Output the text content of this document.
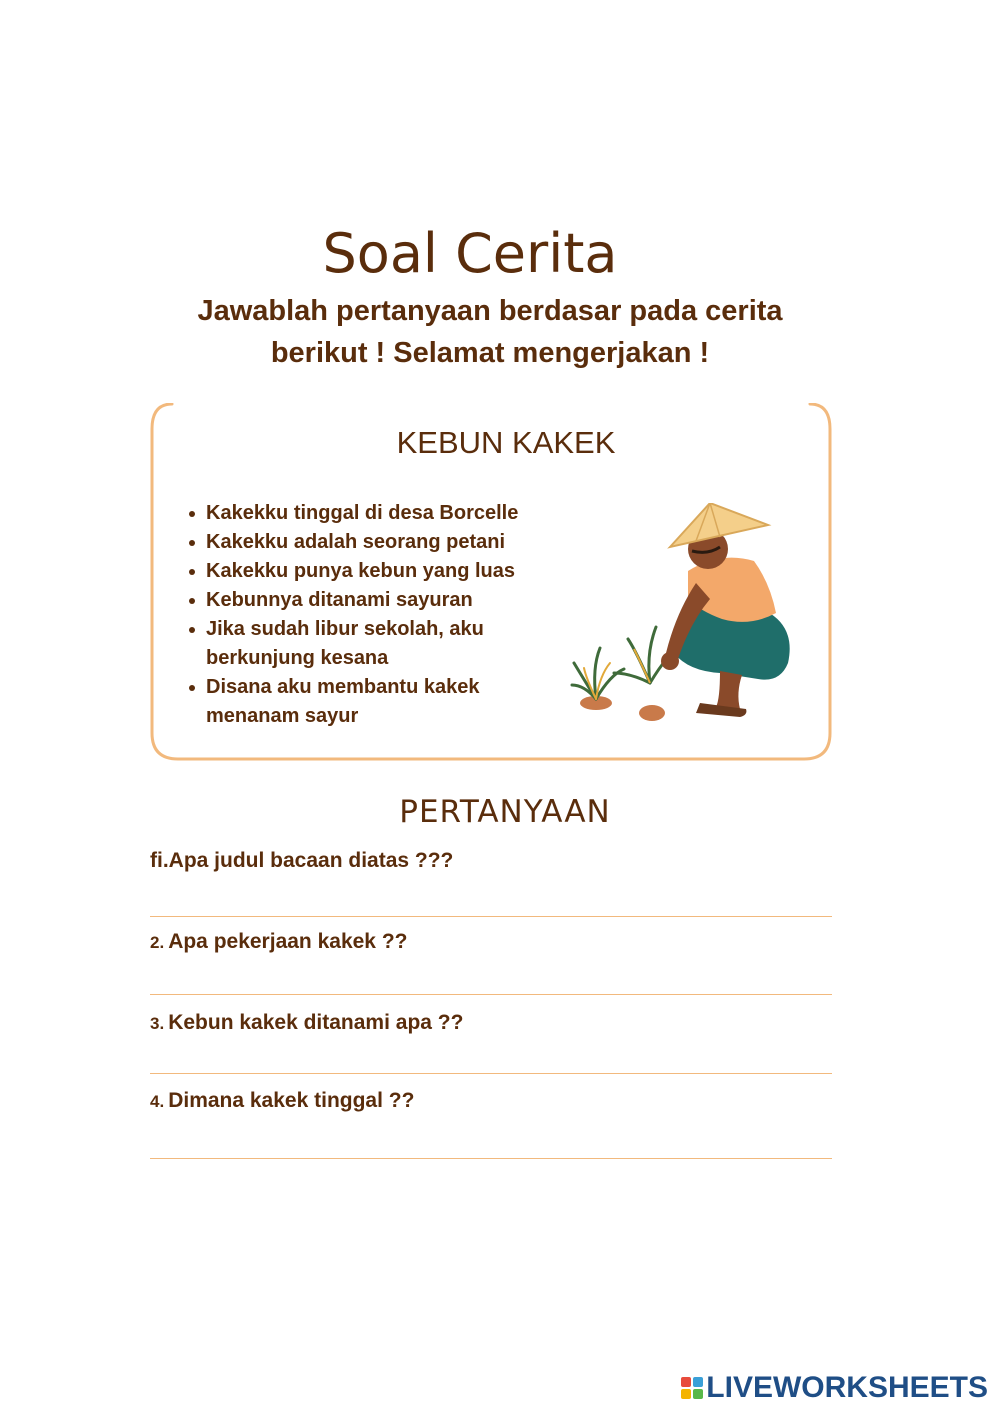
Soal Cerita
Jawablah pertanyaan berdasar pada cerita
berikut ! Selamat mengerjakan !
KEBUN KAKEK
Kakekku tinggal di desa Borcelle
Kakekku adalah seorang petani
Kakekku punya kebun yang luas
Kebunnya ditanami sayuran
Jika sudah libur sekolah, aku berkunjung kesana
Disana aku membantu kakek menanam sayur
PERTANYAAN
fi.Apa judul bacaan diatas ???
2. Apa pekerjaan kakek ??
3. Kebun kakek ditanami apa ??
4. Dimana kakek tinggal ??
LIVEWORKSHEETS
